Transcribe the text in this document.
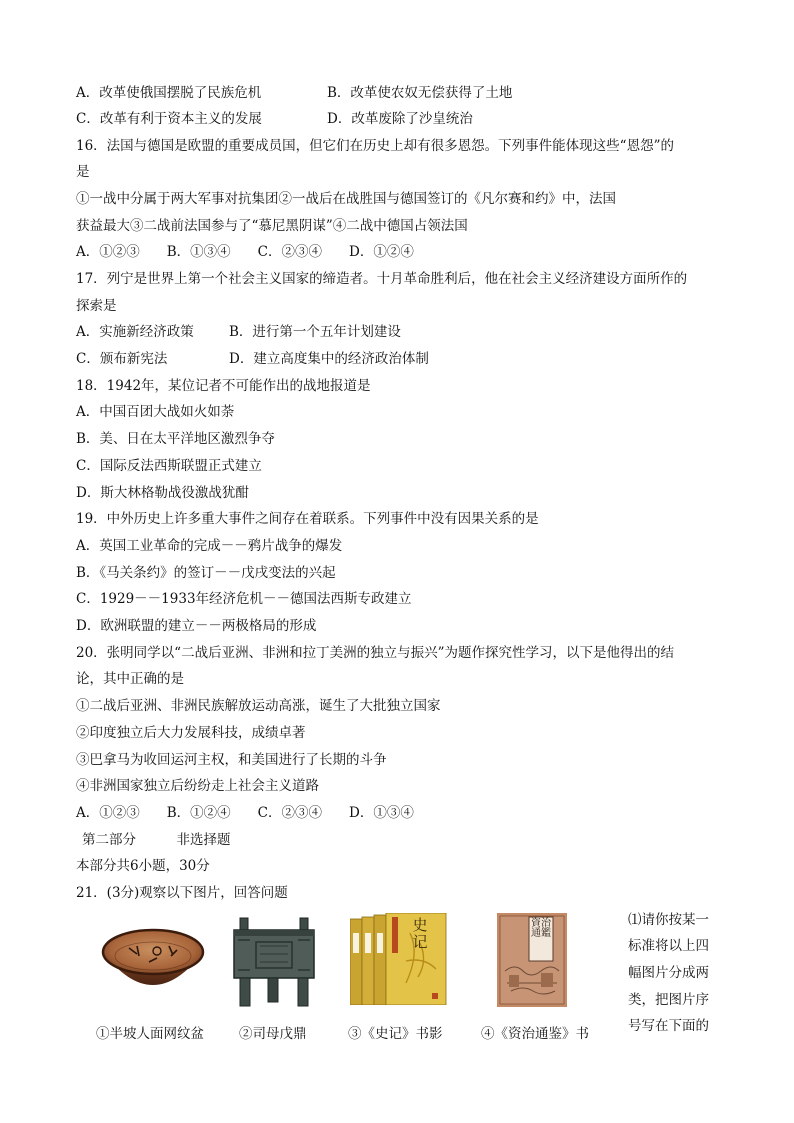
A．改革使俄国摆脱了民族危机	B．改革使农奴无偿获得了土地
C．改革有利于资本主义的发展	D．改革废除了沙皇统治
16．法国与德国是欧盟的重要成员国，但它们在历史上却有很多恩怨。下列事件能体现这些“恩怨”的
是
①一战中分属于两大军事对抗集团②一战后在战胜国与德国签订的《凡尔赛和约》中，法国
获益最大③二战前法国参与了“慕尼黑阴谋”④二战中德国占领法国
A．①②③　　B．①③④　　C．②③④　　D．①②④
17．列宁是世界上第一个社会主义国家的缔造者。十月革命胜利后，他在社会主义经济建设方面所作的
探索是
A．实施新经济政策	B．进行第一个五年计划建设
C．颁布新宪法	D．建立高度集中的经济政治体制
18．1942年，某位记者不可能作出的战地报道是
A．中国百团大战如火如荼
B．美、日在太平洋地区激烈争夺
C．国际反法西斯联盟正式建立
D．斯大林格勒战役激战犹酣
19．中外历史上许多重大事件之间存在着联系。下列事件中没有因果关系的是
A．英国工业革命的完成－－鸦片战争的爆发
B．《马关条约》的签订－－戊戌变法的兴起
C．1929－－1933年经济危机－－德国法西斯专政建立
D．欧洲联盟的建立－－两极格局的形成
20．张明同学以“二战后亚洲、非洲和拉丁美洲的独立与振兴”为题作探究性学习，以下是他得出的结
论，其中正确的是
①二战后亚洲、非洲民族解放运动高涨，诞生了大批独立国家
②印度独立后大力发展科技，成绩卓著
③巴拿马为收回运河主权，和美国进行了长期的斗争
④非洲国家独立后纷纷走上社会主义道路
A．①②③　　B．①②④　　C．②③④　　D．①③④
第二部分　　　非选择题
本部分共6小题，30分
21．(3分)观察以下图片，回答问题
史记
資治通鑑
①半坡人面网纹盆	②司母戊鼎	③《史记》书影	④《资治通鉴》书
⑴请你按某一
标准将以上四
幅图片分成两
类，把图片序
号写在下面的
